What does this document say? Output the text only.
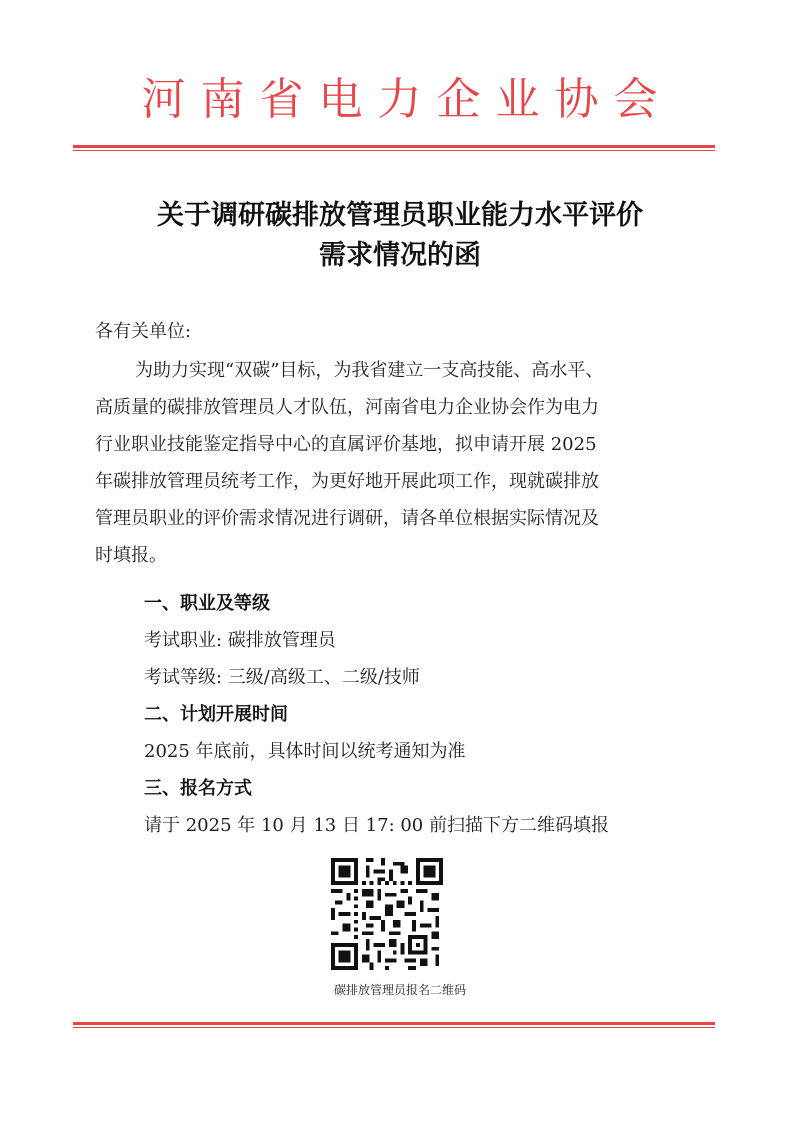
河南省电力企业协会
关于调研碳排放管理员职业能力水平评价
需求情况的函
各有关单位:
为助力实现“双碳”目标，为我省建立一支高技能、高水平、
高质量的碳排放管理员人才队伍，河南省电力企业协会作为电力
行业职业技能鉴定指导中心的直属评价基地，拟申请开展 2025
年碳排放管理员统考工作，为更好地开展此项工作，现就碳排放
管理员职业的评价需求情况进行调研，请各单位根据实际情况及
时填报。
一、职业及等级
考试职业: 碳排放管理员
考试等级: 三级/高级工、二级/技师
二、计划开展时间
2025 年底前，具体时间以统考通知为准
三、报名方式
请于 2025 年 10 月 13 日 17: 00 前扫描下方二维码填报
碳排放管理员报名二维码
